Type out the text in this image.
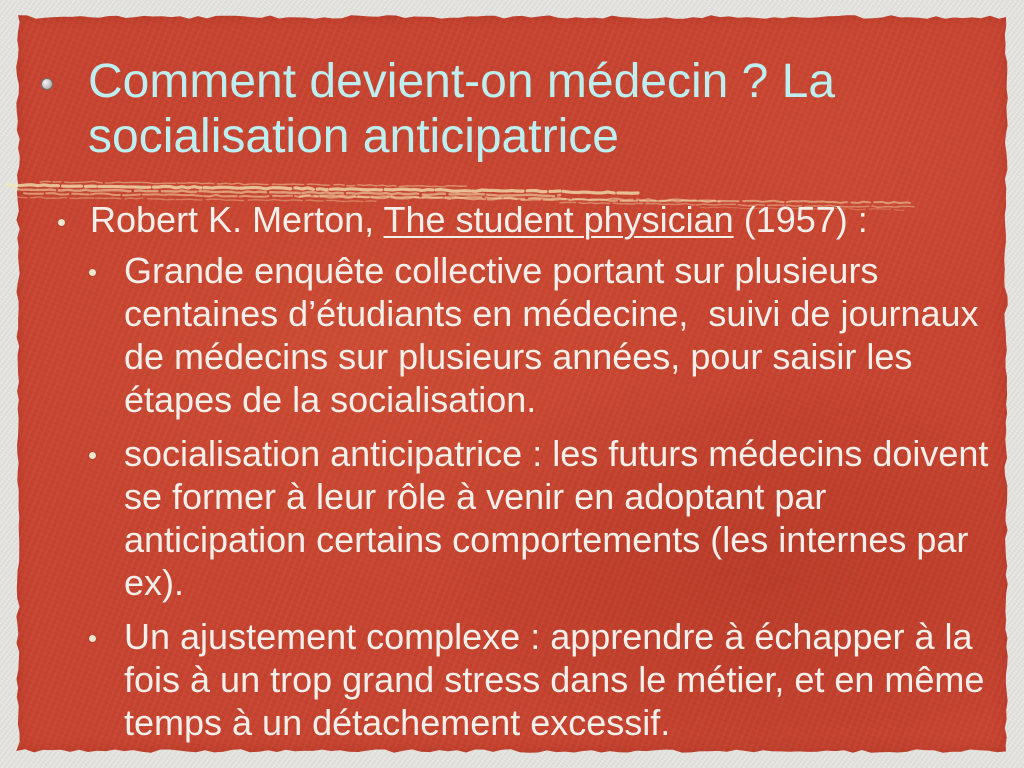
Comment devient-on médecin ? La
socialisation anticipatrice
Robert K. Merton, The student physician (1957) :
Grande enquête collective portant sur plusieurs
centaines d’étudiants en médecine,  suivi de journaux
de médecins sur plusieurs années, pour saisir les
étapes de la socialisation.
socialisation anticipatrice : les futurs médecins doivent
se former à leur rôle à venir en adoptant par
anticipation certains comportements (les internes par
ex).
Un ajustement complexe : apprendre à échapper à la
fois à un trop grand stress dans le métier, et en même
temps à un détachement excessif.
